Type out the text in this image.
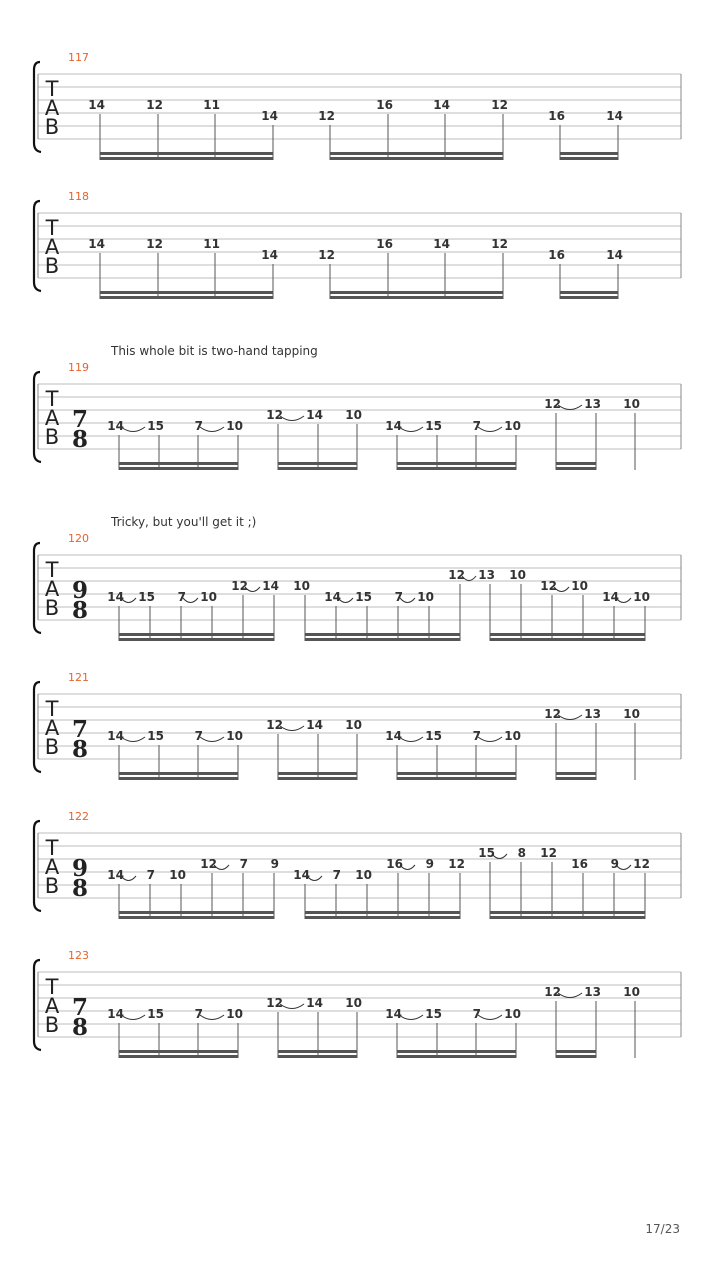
117
T
A
B
14	12	11
14	12
16	14	12
16	14
118
T
A
B
14	12	11
14	12
16	14	12
16	14
119
This whole bit is two-hand tapping
T
A
B
7
8 14 15	7 10
12 14 10
14 15	7 10
12 13 10
120
Tricky, but you'll get it ;)
T
A
B
9
8 14 15 7 10
12 14 10
14 15 7 10
12 13 10
12 10
14 10
121
T
A
B
7
8 14 15	7 10
12 14 10
14 15	7 10
12 13 10
122
T
A
B
9
8 14 7 10
12 7 9
14 7 10
16 9 12
15 8 12
16 9 12
123
T
A
B
7
8 14 15	7 10
12 14 10
14 15	7 10
12 13 10
17/23
